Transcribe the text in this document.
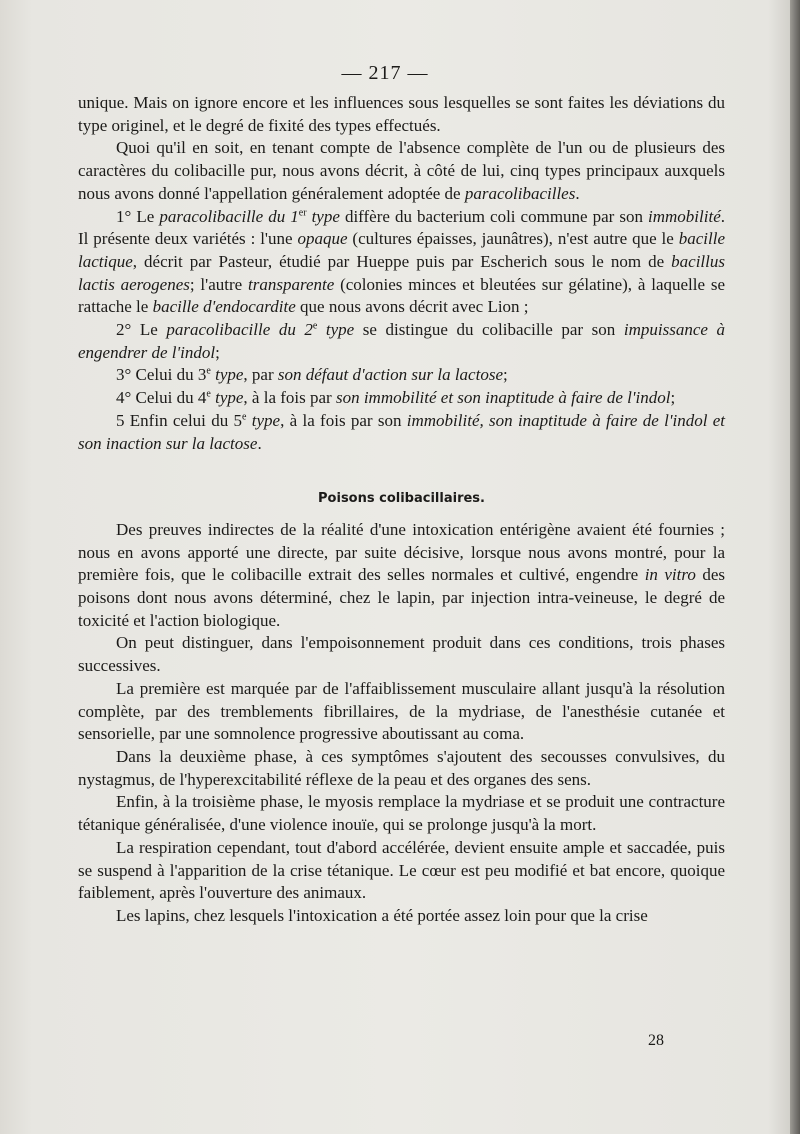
— 217 —

unique. Mais on ignore encore et les influences sous lesquelles se sont faites les déviations du type originel, et le degré de fixité des types effectués.

Quoi qu'il en soit, en tenant compte de l'absence complète de l'un ou de plusieurs des caractères du colibacille pur, nous avons décrit, à côté de lui, cinq types principaux auxquels nous avons donné l'appellation généralement adoptée de paracolibacilles.

1° Le paracolibacille du 1er type diffère du bacterium coli commune par son immobilité. Il présente deux variétés : l'une opaque (cultures épaisses, jaunâtres), n'est autre que le bacille lactique, décrit par Pasteur, étudié par Hueppe puis par Escherich sous le nom de bacillus lactis aerogenes; l'autre transparente (colonies minces et bleutées sur gélatine), à laquelle se rattache le bacille d'endocardite que nous avons décrit avec Lion ;

2° Le paracolibacille du 2e type se distingue du colibacille par son impuissance à engendrer de l'indol;

3° Celui du 3e type, par son défaut d'action sur la lactose;

4° Celui du 4e type, à la fois par son immobilité et son inaptitude à faire de l'indol;

5 Enfin celui du 5e type, à la fois par son immobilité, son inaptitude à faire de l'indol et son inaction sur la lactose.

Poisons colibacillaires.

Des preuves indirectes de la réalité d'une intoxication entérigène avaient été fournies ; nous en avons apporté une directe, par suite décisive, lorsque nous avons montré, pour la première fois, que le colibacille extrait des selles normales et cultivé, engendre in vitro des poisons dont nous avons déterminé, chez le lapin, par injection intra-veineuse, le degré de toxicité et l'action biologique.

On peut distinguer, dans l'empoisonnement produit dans ces conditions, trois phases successives.

La première est marquée par de l'affaiblissement musculaire allant jusqu'à la résolution complète, par des tremblements fibrillaires, de la mydriase, de l'anesthésie cutanée et sensorielle, par une somnolence progressive aboutissant au coma.

Dans la deuxième phase, à ces symptômes s'ajoutent des secousses convulsives, du nystagmus, de l'hyperexcitabilité réflexe de la peau et des organes des sens.

Enfin, à la troisième phase, le myosis remplace la mydriase et se produit une contracture tétanique généralisée, d'une violence inouïe, qui se prolonge jusqu'à la mort.

La respiration cependant, tout d'abord accélérée, devient ensuite ample et saccadée, puis se suspend à l'apparition de la crise tétanique. Le cœur est peu modifié et bat encore, quoique faiblement, après l'ouverture des animaux.

Les lapins, chez lesquels l'intoxication a été portée assez loin pour que la crise

28
